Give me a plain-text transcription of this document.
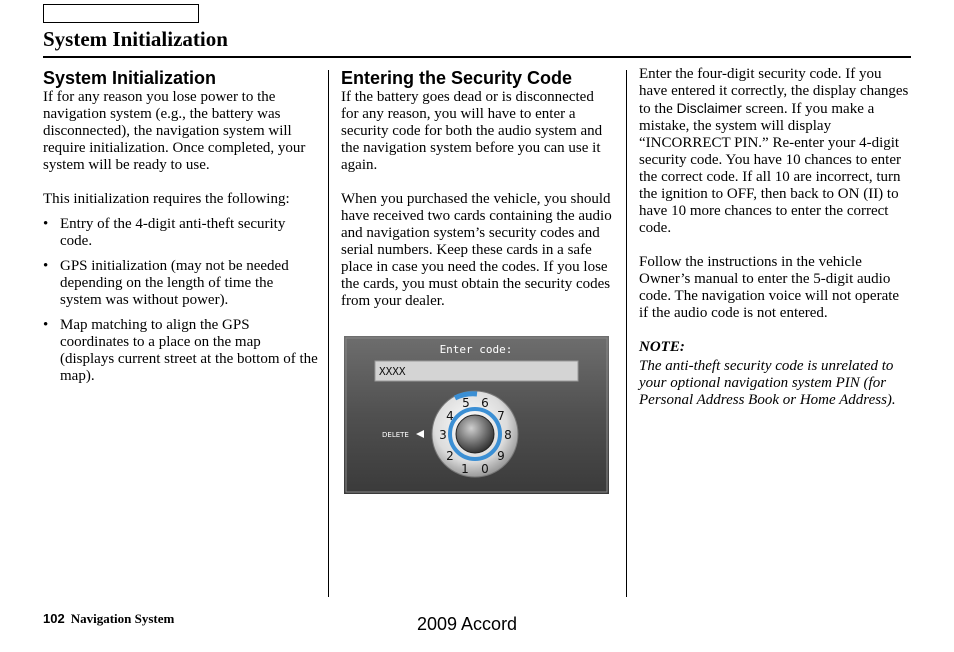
System Initialization
System Initialization

If for any reason you lose power to the navigation system (e.g., the battery was disconnected), the navigation system will require initialization. Once completed, your system will be ready to use.

This initialization requires the following:

• Entry of the 4-digit anti-theft security code.
• GPS initialization (may not be needed depending on the length of time the system was without power).
• Map matching to align the GPS coordinates to a place on the map (displays current street at the bottom of the map).
Entering the Security Code

If the battery goes dead or is disconnected for any reason, you will have to enter a security code for both the audio system and the navigation system before you can use it again.

When you purchased the vehicle, you should have received two cards containing the audio and navigation system’s security codes and serial numbers. Keep these cards in a safe place in case you need the codes. If you lose the cards, you must obtain the security codes from your dealer.

Enter code:
XXXX
0
1
2
3
4
5 6
7
8
9
DELETE

Enter the four-digit security code. If you have entered it correctly, the display changes to the Disclaimer screen. If you make a mistake, the system will display “INCORRECT PIN.” Re-enter your 4-digit security code. You have 10 chances to enter the correct code. If all 10 are incorrect, turn the ignition to OFF, then back to ON (II) to have 10 more chances to enter the correct code.

Follow the instructions in the vehicle Owner’s manual to enter the 5-digit audio code. The navigation voice will not operate if the audio code is not entered.

NOTE:

The anti-theft security code is unrelated to your optional navigation system PIN (for Personal Address Book or Home Address).

102 Navigation System	2009 Accord
